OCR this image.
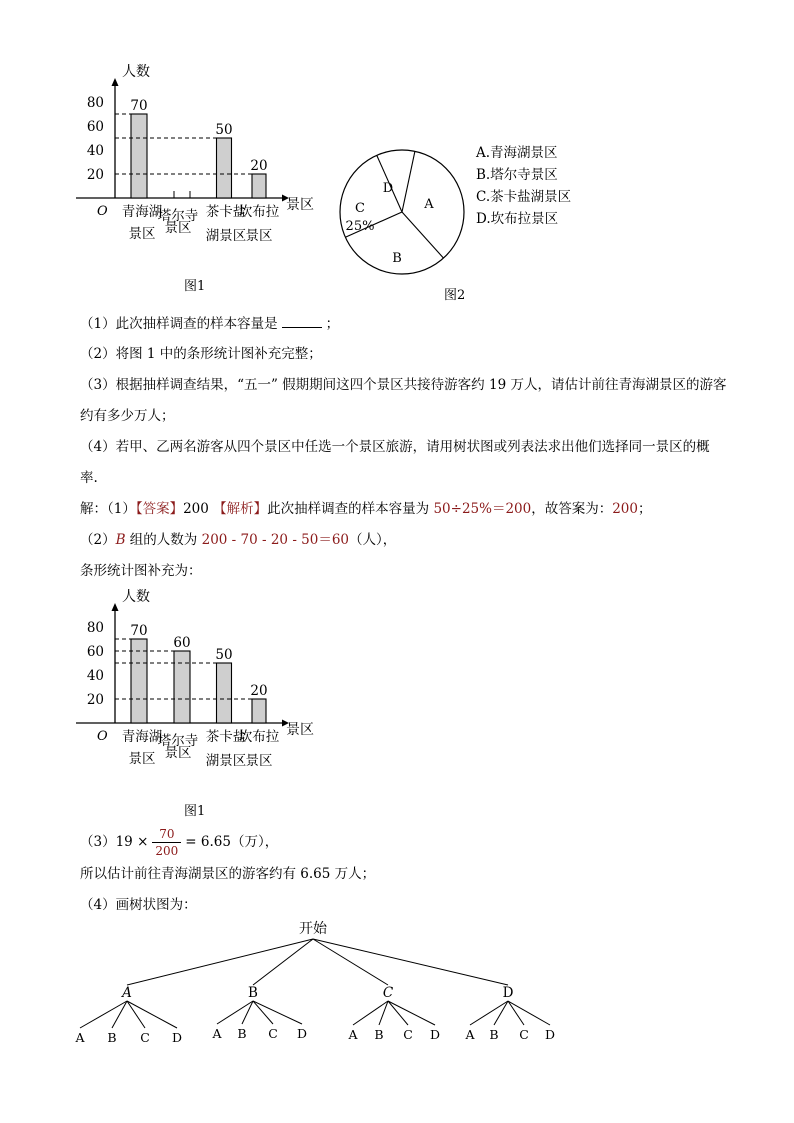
人数
景区
O
20
40
60
80 70
50
20
青海湖
景区
塔尔寺
景区
茶卡盐
湖景区
坎布拉
景区
图1
A
B
C
25%
D
A.青海湖景区
B.塔尔寺景区
C.茶卡盐湖景区
D.坎布拉景区
图2
（1）此次抽样调查的样本容量是	；
（2）将图 1 中的条形统计图补充完整；
（3）根据抽样调查结果，“五一” 假期期间这四个景区共接待游客约 19 万人，请估计前往青海湖景区的游客
约有多少万人；
（4）若甲、乙两名游客从四个景区中任选一个景区旅游，请用树状图或列表法求出他们选择同一景区的概
率.
解：（1）【答案】200 【解析】此次抽样调查的样本容量为 50÷25%＝200，故答案为：200；
（2）B 组的人数为 200 - 70 - 20 - 50＝60（人），
条形统计图补充为：
人数
景区
O
20
40
60
80 70
60
50
20
青海湖
景区
塔尔寺
景区
茶卡盐
湖景区
坎布拉
景区
图1
$(3)19 \times \frac{70}{200} = 6.65$（万），
所以估计前往青海湖景区的游客约有 6.65 万人；
（4）画树状图为：
开始
A
A B C D
B
A B C D
C
A B C D
D
A B C D
